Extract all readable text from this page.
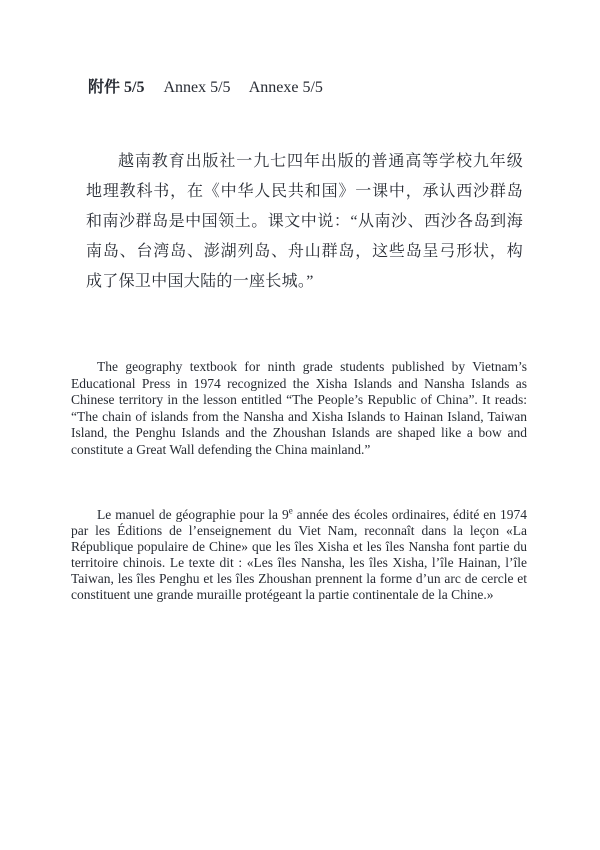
附件 5/5 Annex 5/5 Annexe 5/5

越南教育出版社一九七四年出版的普通高等学校九年级地理教科书，在《中华人民共和国》一课中，承认西沙群岛和南沙群岛是中国领土。课文中说：“从南沙、西沙各岛到海南岛、台湾岛、澎湖列岛、舟山群岛，这些岛呈弓形状，构成了保卫中国大陆的一座长城。”

The geography textbook for ninth grade students published by Vietnam’s Educational Press in 1974 recognized the Xisha Islands and Nansha Islands as Chinese territory in the lesson entitled “The People’s Republic of China”. It reads: “The chain of islands from the Nansha and Xisha Islands to Hainan Island, Taiwan Island, the Penghu Islands and the Zhoushan Islands are shaped like a bow and constitute a Great Wall defending the China mainland.”

Le manuel de géographie pour la 9e année des écoles ordinaires, édité en 1974 par les Éditions de l’enseignement du Viet Nam, reconnaît dans la leçon «La République populaire de Chine» que les îles Xisha et les îles Nansha font partie du territoire chinois. Le texte dit : «Les îles Nansha, les îles Xisha, l’île Hainan, l’île Taiwan, les îles Penghu et les îles Zhoushan prennent la forme d’un arc de cercle et constituent une grande muraille protégeant la partie continentale de la Chine.»
